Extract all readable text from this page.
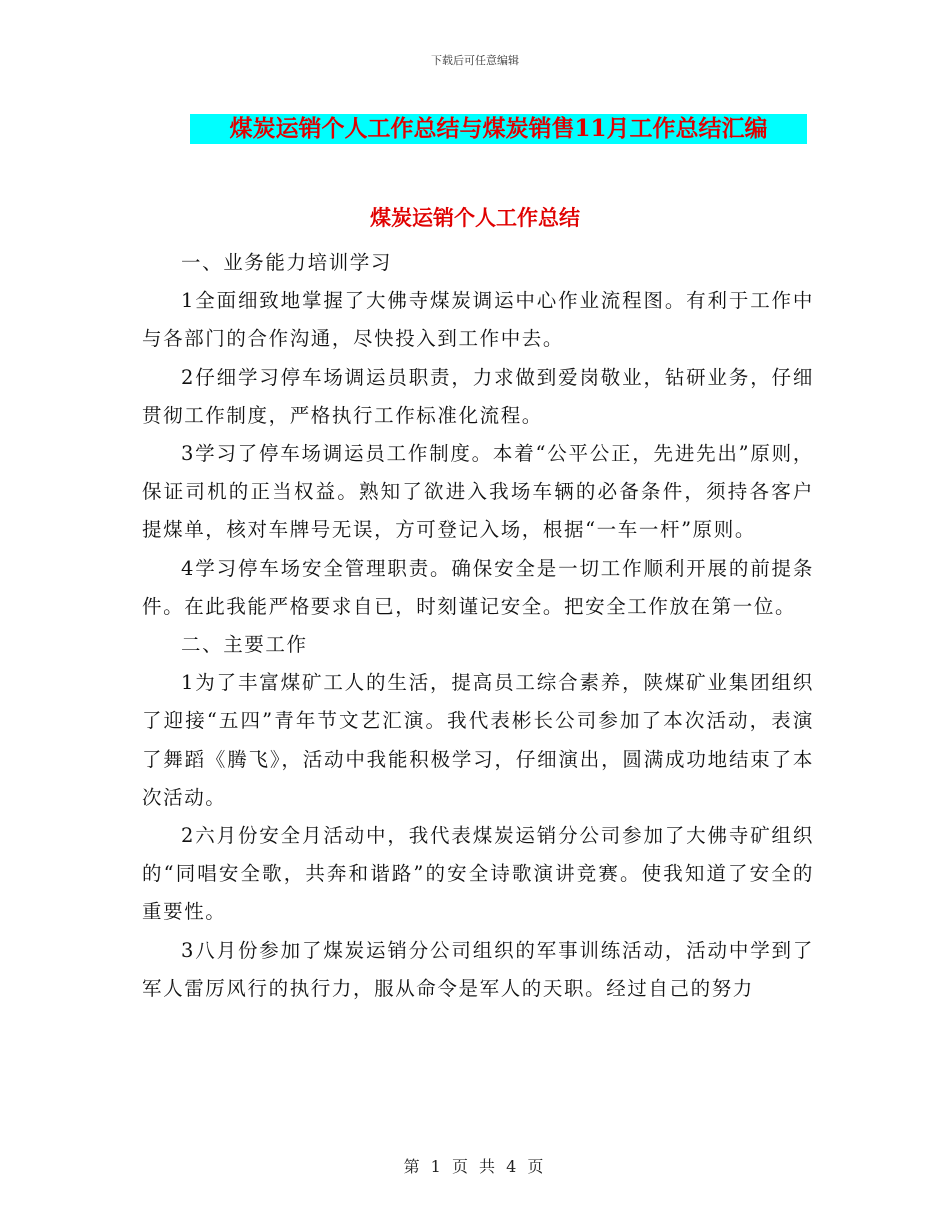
下载后可任意编辑
煤炭运销个人工作总结与煤炭销售11月工作总结汇编
煤炭运销个人工作总结

一、业务能力培训学习

1全面细致地掌握了大佛寺煤炭调运中心作业流程图。有利于工作中与各部门的合作沟通，尽快投入到工作中去。

2仔细学习停车场调运员职责，力求做到爱岗敬业，钻研业务，仔细贯彻工作制度，严格执行工作标准化流程。

3学习了停车场调运员工作制度。本着“公平公正，先进先出”原则，保证司机的正当权益。熟知了欲进入我场车辆的必备条件，须持各客户提煤单，核对车牌号无误，方可登记入场，根据“一车一杆”原则。

4学习停车场安全管理职责。确保安全是一切工作顺利开展的前提条件。在此我能严格要求自已，时刻谨记安全。把安全工作放在第一位。

二、主要工作

1为了丰富煤矿工人的生活，提高员工综合素养，陕煤矿业集团组织了迎接“五四”青年节文艺汇演。我代表彬长公司参加了本次活动，表演了舞蹈《腾飞》，活动中我能积极学习，仔细演出，圆满成功地结束了本次活动。

2六月份安全月活动中，我代表煤炭运销分公司参加了大佛寺矿组织的“同唱安全歌，共奔和谐路”的安全诗歌演讲竞赛。使我知道了安全的重要性。

3八月份参加了煤炭运销分公司组织的军事训练活动，活动中学到了军人雷厉风行的执行力，服从命令是军人的天职。经过自己的努力

第 1 页 共 4 页
